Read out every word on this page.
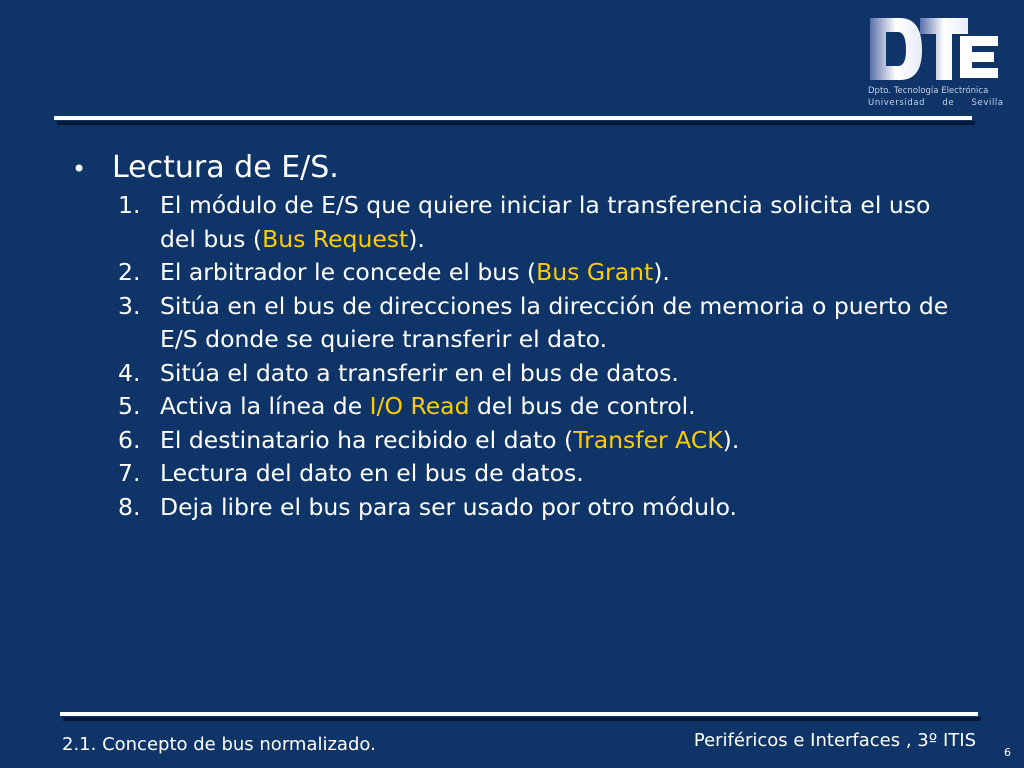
Dpto. Tecnología Electrónica
Universidad de Sevilla
• Lectura de E/S.
1. El módulo de E/S que quiere iniciar la transferencia solicita el uso del bus (Bus Request).
2. El arbitrador le concede el bus (Bus Grant).
3. Sitúa en el bus de direcciones la dirección de memoria o puerto de E/S donde se quiere transferir el dato.
4. Sitúa el dato a transferir en el bus de datos.
5. Activa la línea de I/O Read del bus de control.
6. El destinatario ha recibido el dato (Transfer ACK).
7. Lectura del dato en el bus de datos.
8. Deja libre el bus para ser usado por otro módulo.
2.1. Concepto de bus normalizado.	Periféricos e Interfaces , 3º ITIS
6
